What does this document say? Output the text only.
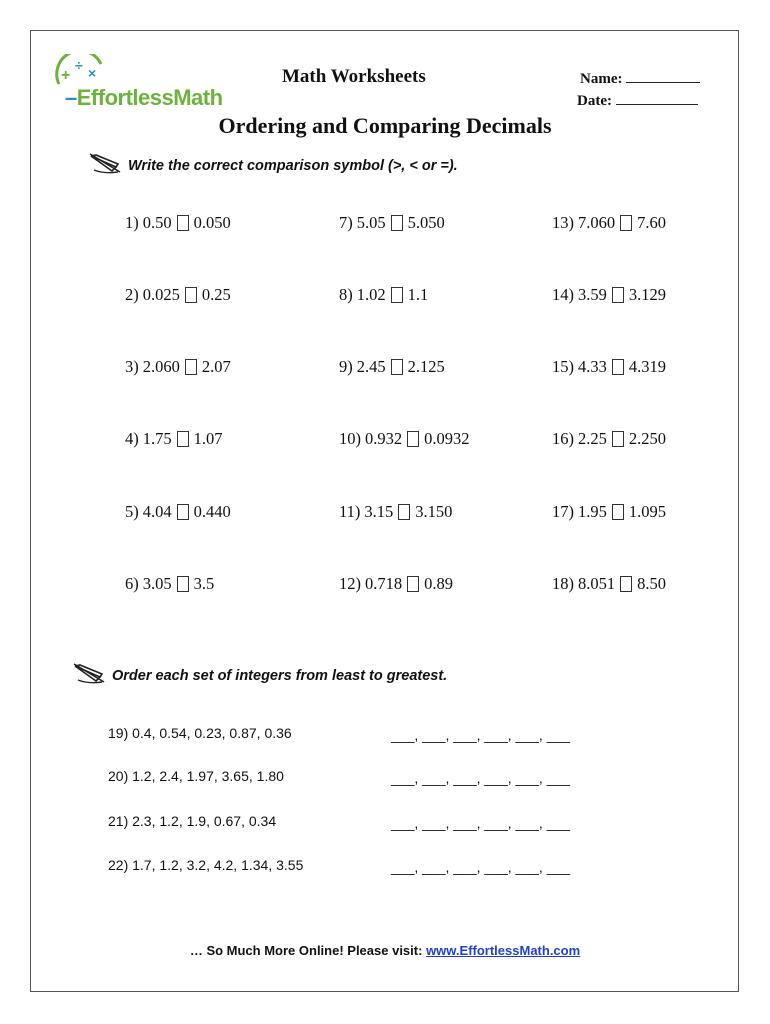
+
÷ ×
–EffortlessMath
Math Worksheets	Name:
Date:
Ordering and Comparing Decimals
Write the correct comparison symbol (>, < or =).
1) 0.50 0.050
2) 0.025 0.25
3) 2.060 2.07
4) 1.75 1.07
5) 4.04 0.440
6) 3.05 3.5
7) 5.05 5.050
8) 1.02 1.1
9) 2.45 2.125
10) 0.932 0.0932
11) 3.15 3.150
12) 0.718 0.89
13) 7.060 7.60
14) 3.59 3.129
15) 4.33 4.319
16) 2.25 2.250
17) 1.95 1.095
18) 8.051 8.50
Order each set of integers from least to greatest.
19) 0.4, 0.54, 0.23, 0.87, 0.36	___, ___, ___, ___, ___, ___
20) 1.2, 2.4, 1.97, 3.65, 1.80	___, ___, ___, ___, ___, ___
21) 2.3, 1.2, 1.9, 0.67, 0.34	___, ___, ___, ___, ___, ___
22) 1.7, 1.2, 3.2, 4.2, 1.34, 3.55	___, ___, ___, ___, ___, ___
… So Much More Online! Please visit: www.EffortlessMath.com
